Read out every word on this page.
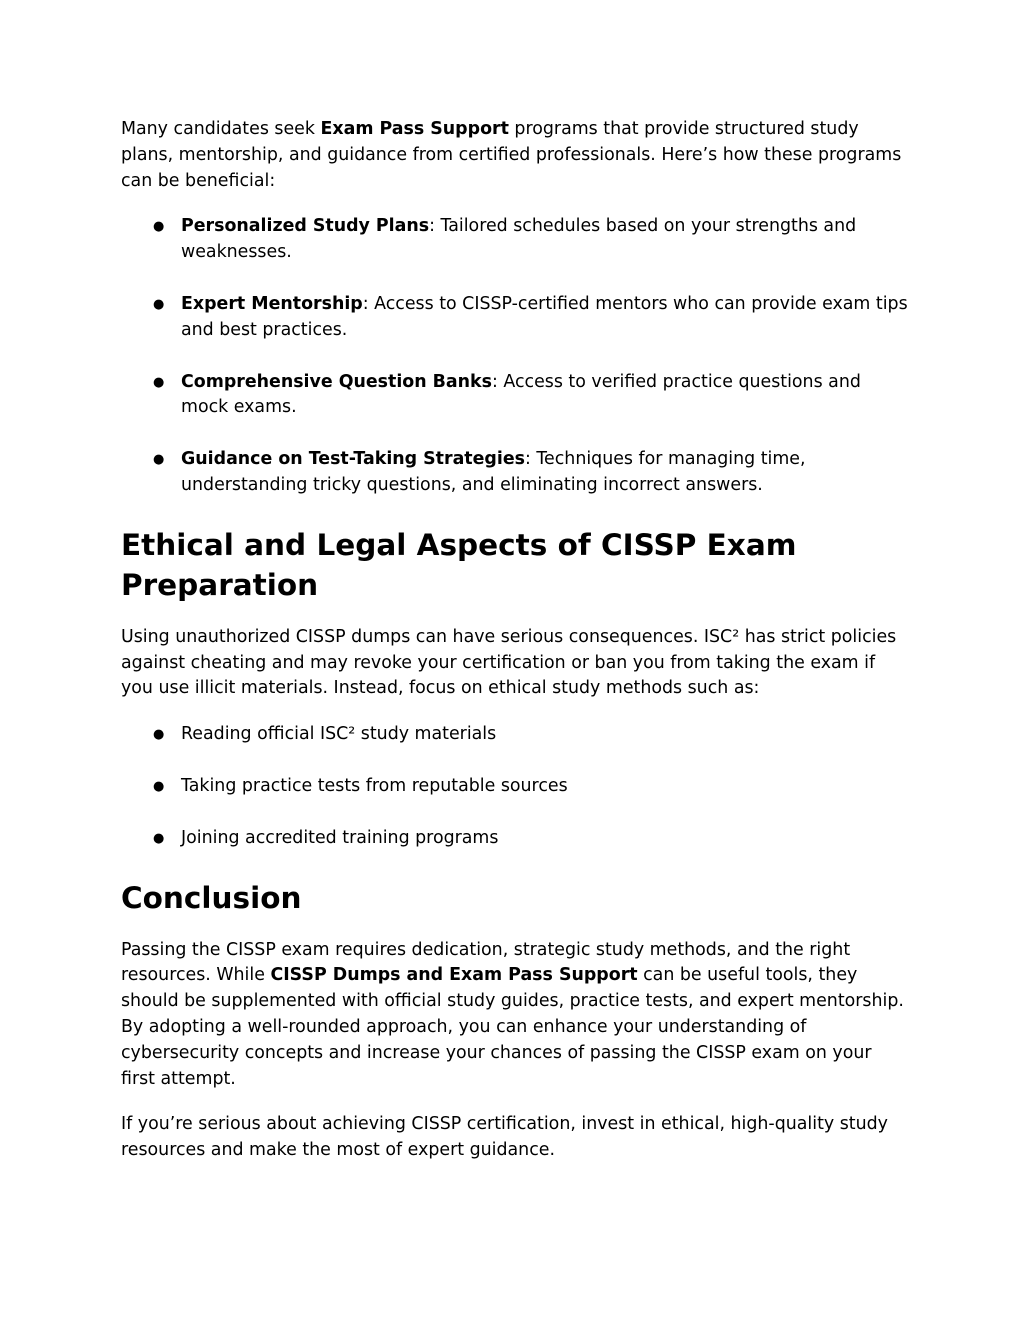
Many candidates seek Exam Pass Support programs that provide structured study plans, mentorship, and guidance from certified professionals. Here’s how these programs can be beneficial:

● Personalized Study Plans: Tailored schedules based on your strengths and weaknesses.
● Expert Mentorship: Access to CISSP-certified mentors who can provide exam tips and best practices.
● Comprehensive Question Banks: Access to verified practice questions and mock exams.
● Guidance on Test-Taking Strategies: Techniques for managing time, understanding tricky questions, and eliminating incorrect answers.
Ethical and Legal Aspects of CISSP Exam Preparation

Using unauthorized CISSP dumps can have serious consequences. ISC² has strict policies against cheating and may revoke your certification or ban you from taking the exam if you use illicit materials. Instead, focus on ethical study methods such as:

● Reading official ISC² study materials
● Taking practice tests from reputable sources
● Joining accredited training programs
Conclusion

Passing the CISSP exam requires dedication, strategic study methods, and the right resources. While CISSP Dumps and Exam Pass Support can be useful tools, they should be supplemented with official study guides, practice tests, and expert mentorship. By adopting a well-rounded approach, you can enhance your understanding of cybersecurity concepts and increase your chances of passing the CISSP exam on your first attempt.

If you’re serious about achieving CISSP certification, invest in ethical, high-quality study resources and make the most of expert guidance.
